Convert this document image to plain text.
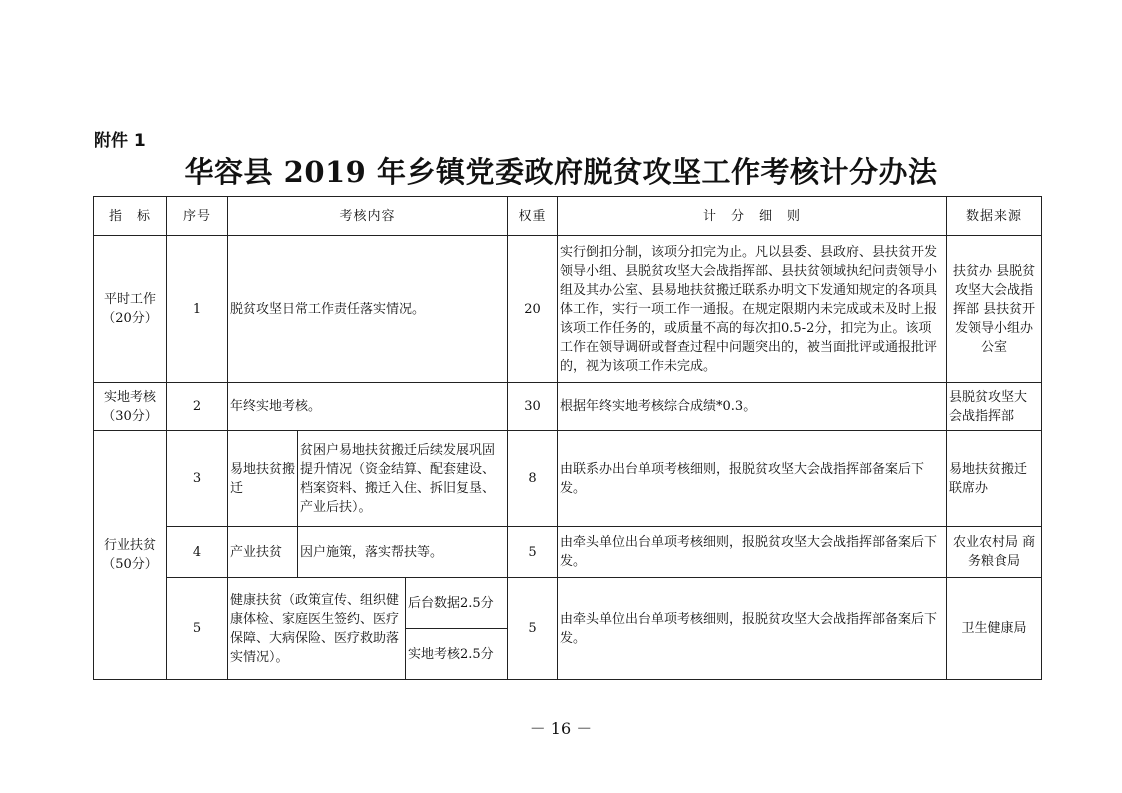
附件 1
华容县 2019 年乡镇党委政府脱贫攻坚工作考核计分办法
指　标	序号	考核内容			权重	计　分　细　则	数据来源
平时工作（20分）	1	脱贫攻坚日常工作责任落实情况。			20	实行倒扣分制，该项分扣完为止。凡以县委、县政府、县扶贫开发领导小组、县脱贫攻坚大会战指挥部、县扶贫领域执纪问责领导小组及其办公室、县易地扶贫搬迁联系办明文下发通知规定的各项具体工作，实行一项工作一通报。在规定限期内未完成或未及时上报该项工作任务的，或质量不高的每次扣0.5-2分，扣完为止。该项工作在领导调研或督查过程中问题突出的，被当面批评或通报批评的，视为该项工作未完成。	扶贫办 县脱贫攻坚大会战指挥部 县扶贫开发领导小组办公室
实地考核（30分）	2	年终实地考核。			30	根据年终实地考核综合成绩*0.3。	县脱贫攻坚大会战指挥部
行业扶贫（50分）	3	易地扶贫搬迁	贫困户易地扶贫搬迁后续发展巩固提升情况（资金结算、配套建设、档案资料、搬迁入住、拆旧复垦、产业后扶）。		8	由联系办出台单项考核细则，报脱贫攻坚大会战指挥部备案后下发。	易地扶贫搬迁联席办
	4	产业扶贫	因户施策，落实帮扶等。		5	由牵头单位出台单项考核细则，报脱贫攻坚大会战指挥部备案后下发。	农业农村局 商务粮食局
	5	健康扶贫（政策宣传、组织健康体检、家庭医生签约、医疗保障、大病保险、医疗救助落实情况）。		后台数据2.5分	5	由牵头单位出台单项考核细则，报脱贫攻坚大会战指挥部备案后下发。	卫生健康局
				实地考核2.5分			
－ 16 －
